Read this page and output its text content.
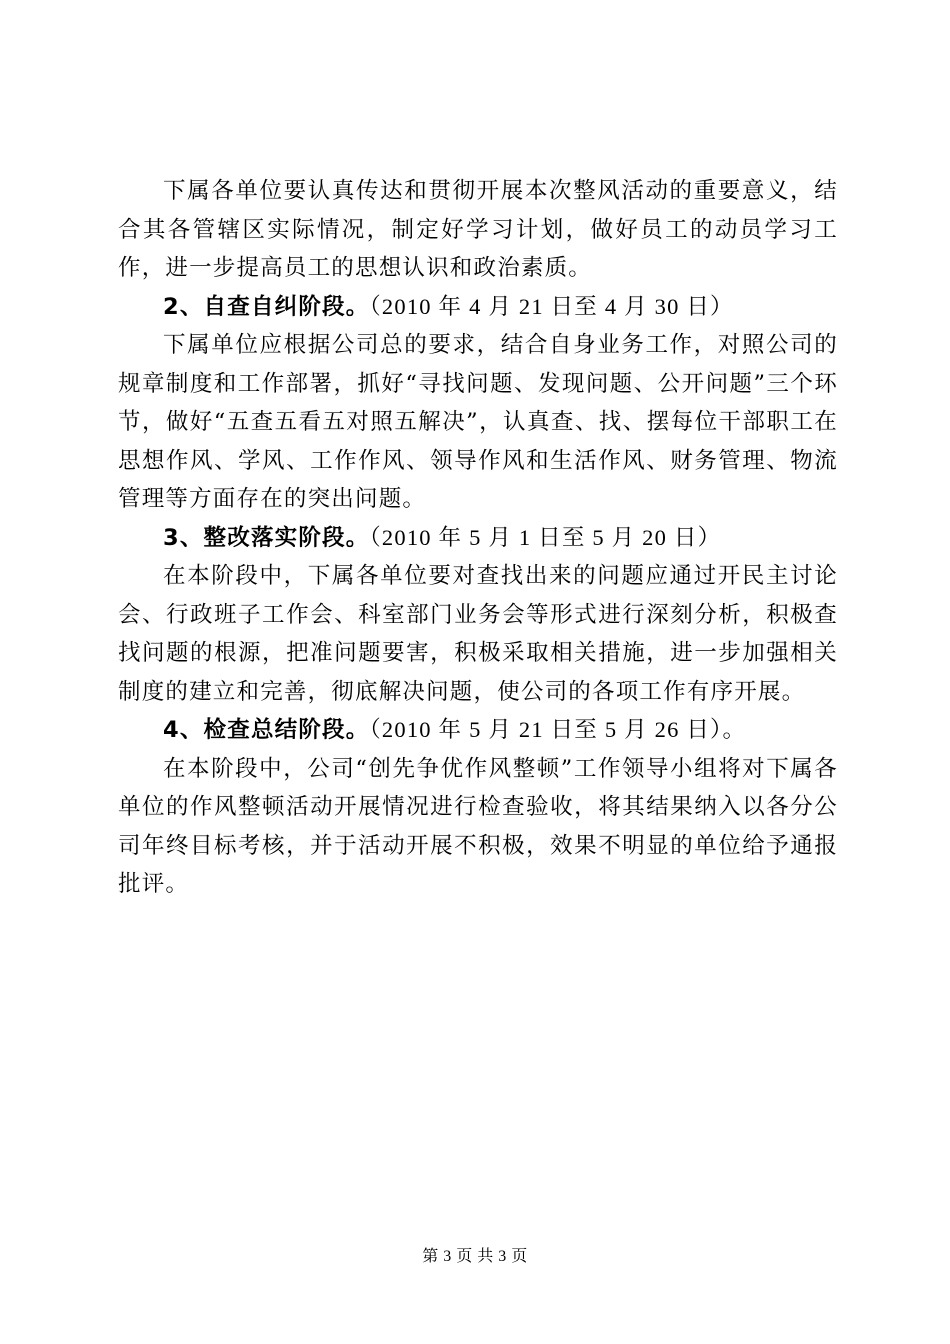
下属各单位要认真传达和贯彻开展本次整风活动的重要意义，结合其各管辖区实际情况，制定好学习计划，做好员工的动员学习工作，进一步提高员工的思想认识和政治素质。

2、自查自纠阶段。（2010 年 4 月 21 日至 4 月 30 日）

下属单位应根据公司总的要求，结合自身业务工作，对照公司的规章制度和工作部署，抓好“寻找问题、发现问题、公开问题”三个环节，做好“五查五看五对照五解决”，认真查、找、摆每位干部职工在思想作风、学风、工作作风、领导作风和生活作风、财务管理、物流管理等方面存在的突出问题。

3、整改落实阶段。（2010 年 5 月 1 日至 5 月 20 日）

在本阶段中，下属各单位要对查找出来的问题应通过开民主讨论会、行政班子工作会、科室部门业务会等形式进行深刻分析，积极查找问题的根源，把准问题要害，积极采取相关措施，进一步加强相关制度的建立和完善，彻底解决问题，使公司的各项工作有序开展。

4、检查总结阶段。（2010 年 5 月 21 日至 5 月 26 日）。

在本阶段中，公司“创先争优作风整顿”工作领导小组将对下属各单位的作风整顿活动开展情况进行检查验收，将其结果纳入以各分公司年终目标考核，并于活动开展不积极，效果不明显的单位给予通报批评。

第 3 页 共 3 页
